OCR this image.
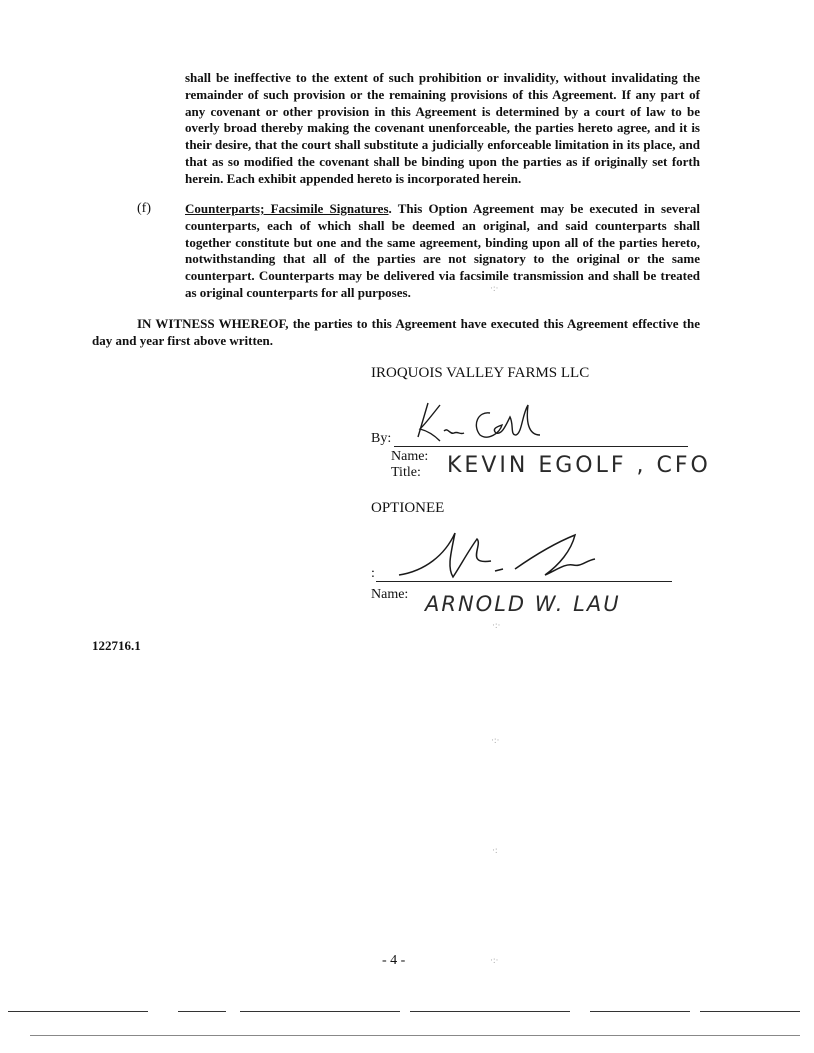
shall be ineffective to the extent of such prohibition or invalidity, without invalidating the remainder of such provision or the remaining provisions of this Agreement. If any part of any covenant or other provision in this Agreement is determined by a court of law to be overly broad thereby making the covenant unenforceable, the parties hereto agree, and it is their desire, that the court shall substitute a judicially enforceable limitation in its place, and that as so modified the covenant shall be binding upon the parties as if originally set forth herein. Each exhibit appended hereto is incorporated herein.
(f)	Counterparts; Facsimile Signatures. This Option Agreement may be executed in several counterparts, each of which shall be deemed an original, and said counterparts shall together constitute but one and the same agreement, binding upon all of the parties hereto, notwithstanding that all of the parties are not signatory to the original or the same counterpart. Counterparts may be delivered via facsimile transmission and shall be treated as original counterparts for all purposes.
IN WITNESS WHEREOF, the parties to this Agreement have executed this Agreement effective the day and year first above written.
IROQUOIS VALLEY FARMS LLC
By:
Name:
Title: KEVIN EGOLF , CFO
OPTIONEE
:
Name: ARNOLD W. LAU
122716.1
·:·
·:·
·:·
·:
·:·
- 4 -
